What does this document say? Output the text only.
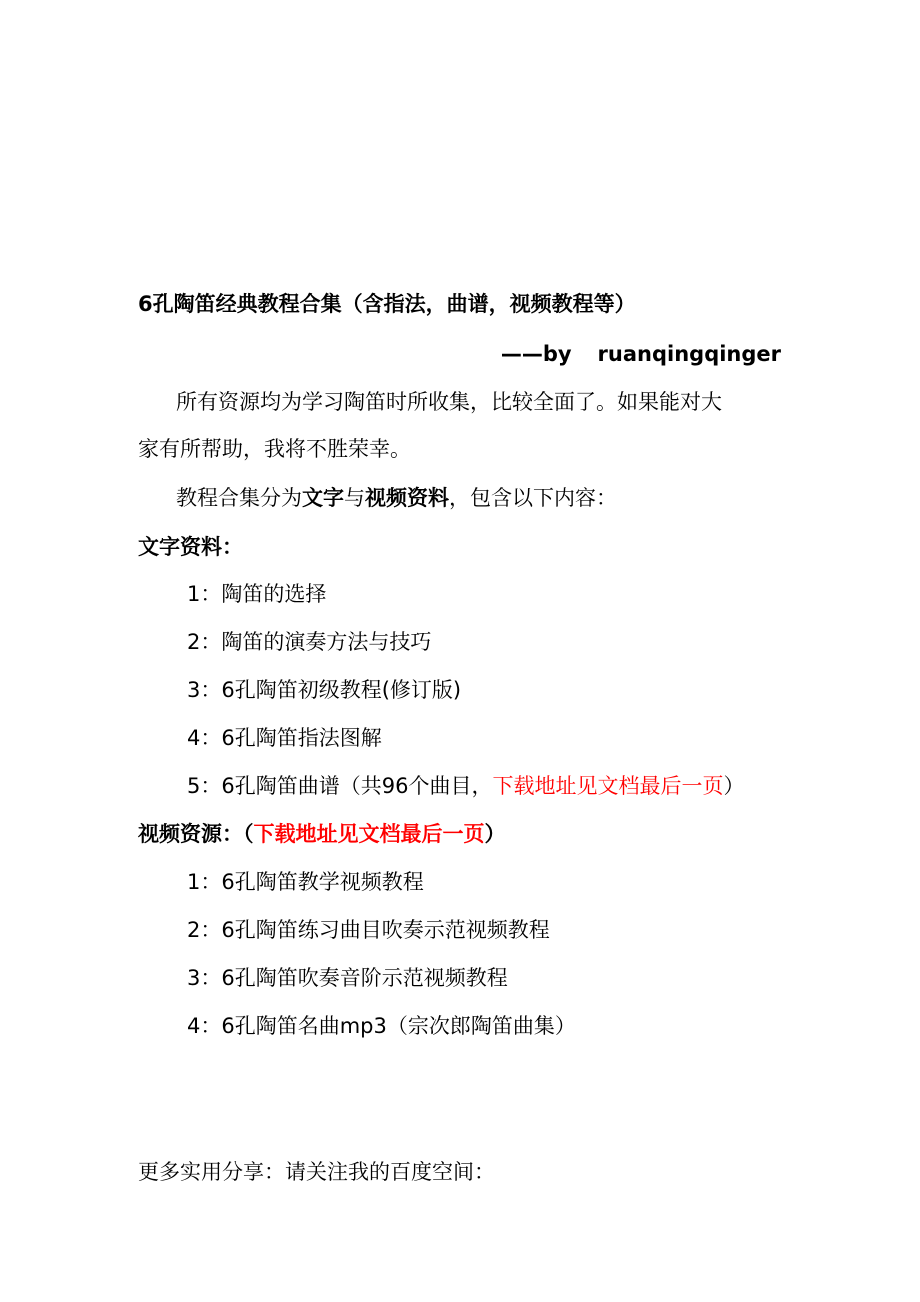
6孔陶笛经典教程合集（含指法，曲谱，视频教程等）
——by ruanqingqinger
所有资源均为学习陶笛时所收集，比较全面了。如果能对大
家有所帮助，我将不胜荣幸。
教程合集分为文字与视频资料，包含以下内容：
文字资料：
1：陶笛的选择
2：陶笛的演奏方法与技巧
3：6孔陶笛初级教程(修订版)
4：6孔陶笛指法图解
5：6孔陶笛曲谱（共96个曲目，下载地址见文档最后一页）
视频资源：（下载地址见文档最后一页）
1：6孔陶笛教学视频教程
2：6孔陶笛练习曲目吹奏示范视频教程
3：6孔陶笛吹奏音阶示范视频教程
4：6孔陶笛名曲mp3（宗次郎陶笛曲集）
更多实用分享：请关注我的百度空间：
